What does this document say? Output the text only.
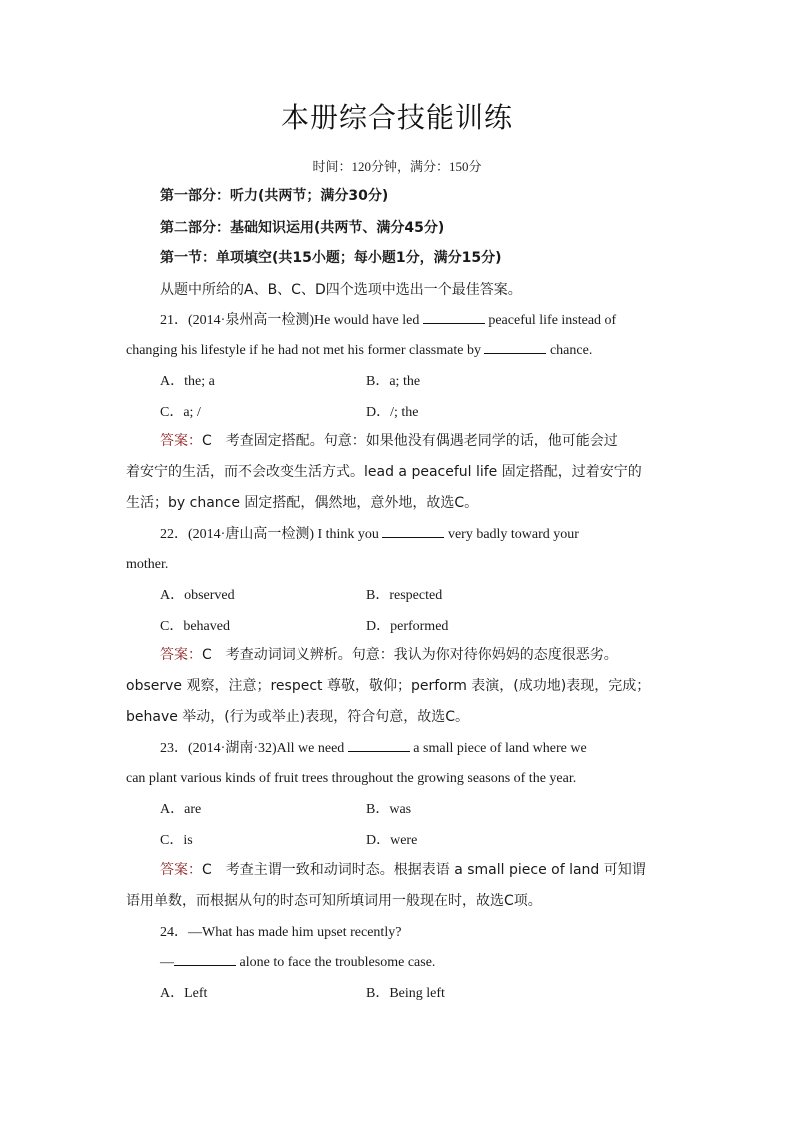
本册综合技能训练
时间：120分钟，满分：150分
第一部分：听力(共两节；满分30分)
第二部分：基础知识运用(共两节、满分45分)
第一节：单项填空(共15小题；每小题1分，满分15分)
从题中所给的A、B、C、D四个选项中选出一个最佳答案。
21．(2014·泉州高一检测)He would have led	peaceful life instead of
changing his lifestyle if he had not met his former classmate by	chance.
A．the; a	B．a; the
C．a; /	D．/; the
答案：C　考查固定搭配。句意：如果他没有偶遇老同学的话，他可能会过
着安宁的生活，而不会改变生活方式。lead a peaceful life 固定搭配，过着安宁的
生活；by chance 固定搭配，偶然地，意外地，故选C。
22．(2014·唐山高一检测) I think you	very badly toward your
mother.
A．observed	B．respected
C．behaved	D．performed
答案：C　考查动词词义辨析。句意：我认为你对待你妈妈的态度很恶劣。
observe 观察，注意；respect 尊敬，敬仰；perform 表演，(成功地)表现，完成；
behave 举动，(行为或举止)表现，符合句意，故选C。
23．(2014·湖南·32)All we need	a small piece of land where we
can plant various kinds of fruit trees throughout the growing seasons of the year.
A．are	B．was
C．is	D．were
答案：C　考查主谓一致和动词时态。根据表语 a small piece of land 可知谓
语用单数，而根据从句的时态可知所填词用一般现在时，故选C项。
24．—What has made him upset recently?
—	alone to face the troublesome case.
A．Left	B．Being left
